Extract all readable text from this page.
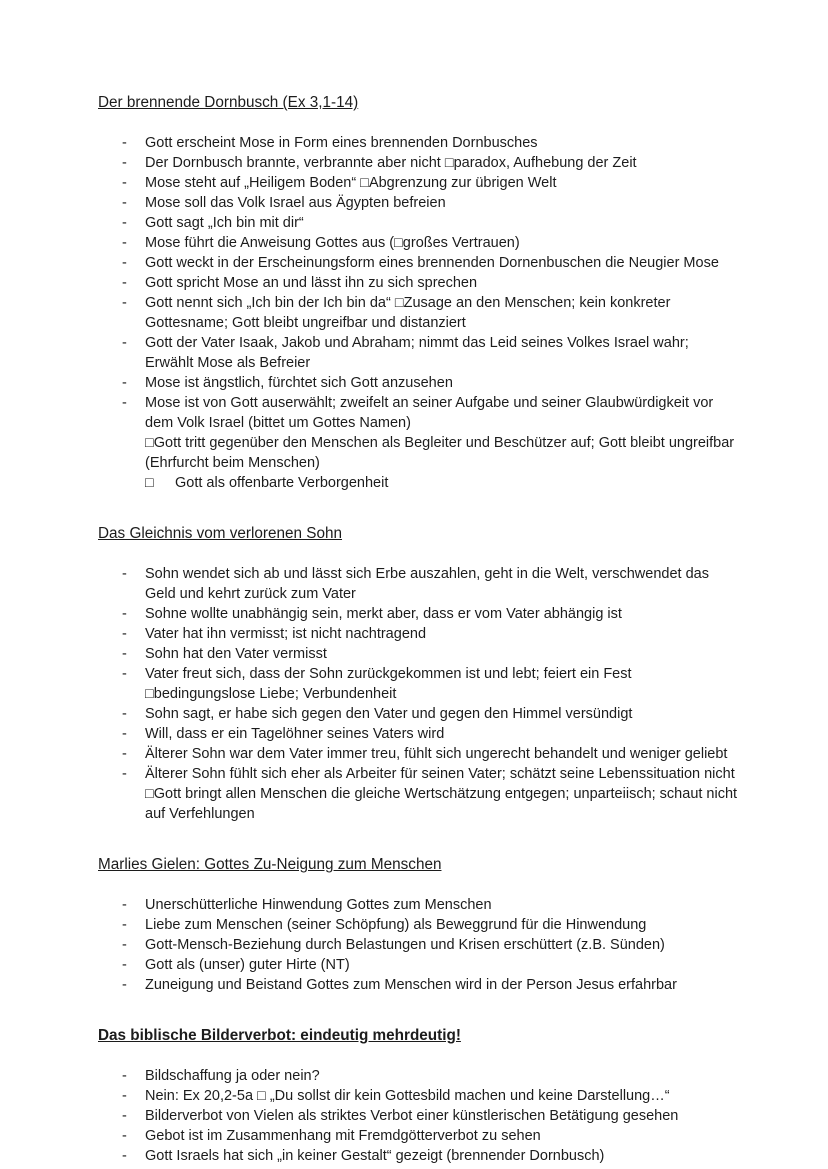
Der brennende Dornbusch (Ex 3,1-14)
-	Gott erscheint Mose in Form eines brennenden Dornbusches
-	Der Dornbusch brannte, verbrannte aber nicht □paradox, Aufhebung der Zeit
-	Mose steht auf „Heiligem Boden“ □Abgrenzung zur übrigen Welt
-	Mose soll das Volk Israel aus Ägypten befreien
-	Gott sagt „Ich bin mit dir“
-	Mose führt die Anweisung Gottes aus (□großes Vertrauen)
-	Gott weckt in der Erscheinungsform eines brennenden Dornenbuschen die Neugier Mose
-	Gott spricht Mose an und lässt ihn zu sich sprechen
-	Gott nennt sich „Ich bin der Ich bin da“ □Zusage an den Menschen; kein konkreter Gottesname; Gott bleibt ungreifbar und distanziert
-	Gott der Vater Isaak, Jakob und Abraham; nimmt das Leid seines Volkes Israel wahr; Erwählt Mose als Befreier
-	Mose ist ängstlich, fürchtet sich Gott anzusehen
-	Mose ist von Gott auserwählt; zweifelt an seiner Aufgabe und seiner Glaubwürdigkeit vor dem Volk Israel (bittet um Gottes Namen)
□Gott tritt gegenüber den Menschen als Begleiter und Beschützer auf; Gott bleibt ungreifbar (Ehrfurcht beim Menschen)
□	Gott als offenbarte Verborgenheit
Das Gleichnis vom verlorenen Sohn
-	Sohn wendet sich ab und lässt sich Erbe auszahlen, geht in die Welt, verschwendet das Geld und kehrt zurück zum Vater
-	Sohne wollte unabhängig sein, merkt aber, dass er vom Vater abhängig ist
-	Vater hat ihn vermisst; ist nicht nachtragend
-	Sohn hat den Vater vermisst
-	Vater freut sich, dass der Sohn zurückgekommen ist und lebt; feiert ein Fest □bedingungslose Liebe; Verbundenheit
-	Sohn sagt, er habe sich gegen den Vater und gegen den Himmel versündigt
-	Will, dass er ein Tagelöhner seines Vaters wird
-	Älterer Sohn war dem Vater immer treu, fühlt sich ungerecht behandelt und weniger geliebt
-	Älterer Sohn fühlt sich eher als Arbeiter für seinen Vater; schätzt seine Lebenssituation nicht
□Gott bringt allen Menschen die gleiche Wertschätzung entgegen; unparteiisch; schaut nicht auf Verfehlungen
Marlies Gielen: Gottes Zu-Neigung zum Menschen
-	Unerschütterliche Hinwendung Gottes zum Menschen
-	Liebe zum Menschen (seiner Schöpfung) als Beweggrund für die Hinwendung
-	Gott-Mensch-Beziehung durch Belastungen und Krisen erschüttert (z.B. Sünden)
-	Gott als (unser) guter Hirte (NT)
-	Zuneigung und Beistand Gottes zum Menschen wird in der Person Jesus erfahrbar
Das biblische Bilderverbot: eindeutig mehrdeutig!
-	Bildschaffung ja oder nein?
-	Nein: Ex 20,2-5a □ „Du sollst dir kein Gottesbild machen und keine Darstellung…“
-	Bilderverbot von Vielen als striktes Verbot einer künstlerischen Betätigung gesehen
-	Gebot ist im Zusammenhang mit Fremdgötterverbot zu sehen
-	Gott Israels hat sich „in keiner Gestalt“ gezeigt (brennender Dornbusch)
